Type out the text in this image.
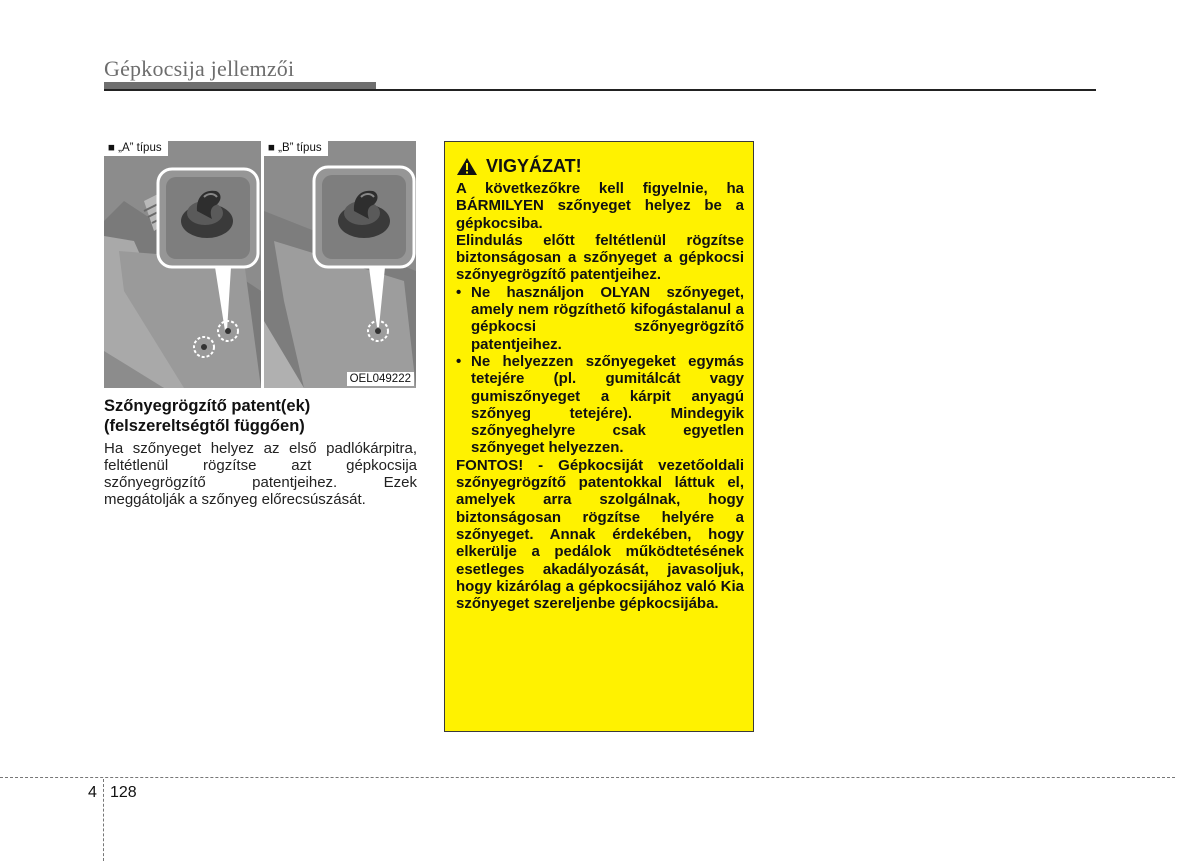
Gépkocsija jellemzői
■ „A” típus	■ „B” típus
OEL049222
Szőnyegrögzítő patent(ek) (felszereltségtől függően)
Ha szőnyeget helyez az első padlókárpitra, feltétlenül rögzítse azt gépkocsija szőnyegrögzítő patentjeihez. Ezek meggátolják a szőnyeg előrecsúszását.
VIGYÁZAT!

A következőkre kell figyelnie, ha BÁRMILYEN szőnyeget helyez be a gépkocsiba.

Elindulás előtt feltétlenül rögzítse biztonságosan a szőnyeget a gépkocsi szőnyegrögzítő patentjeihez.

• Ne használjon OLYAN szőnyeget, amely nem rögzíthető kifogástalanul a gépkocsi szőnyegrögzítő patentjeihez.
• Ne helyezzen szőnyegeket egymás tetejére (pl. gumitálcát vagy gumiszőnyeget a kárpit anyagú szőnyeg tetejére). Mindegyik szőnyeghelyre csak egyetlen szőnyeget helyezzen.

FONTOS! - Gépkocsiját vezetőoldali szőnyegrögzítő patentokkal láttuk el, amelyek arra szolgálnak, hogy biztonságosan rögzítse helyére a szőnyeget. Annak érdekében, hogy elkerülje a pedálok működtetésének esetleges akadályozását, javasoljuk, hogy kizárólag a gépkocsijához való Kia szőnyeget szereljenbe gépkocsijába.

4 128
